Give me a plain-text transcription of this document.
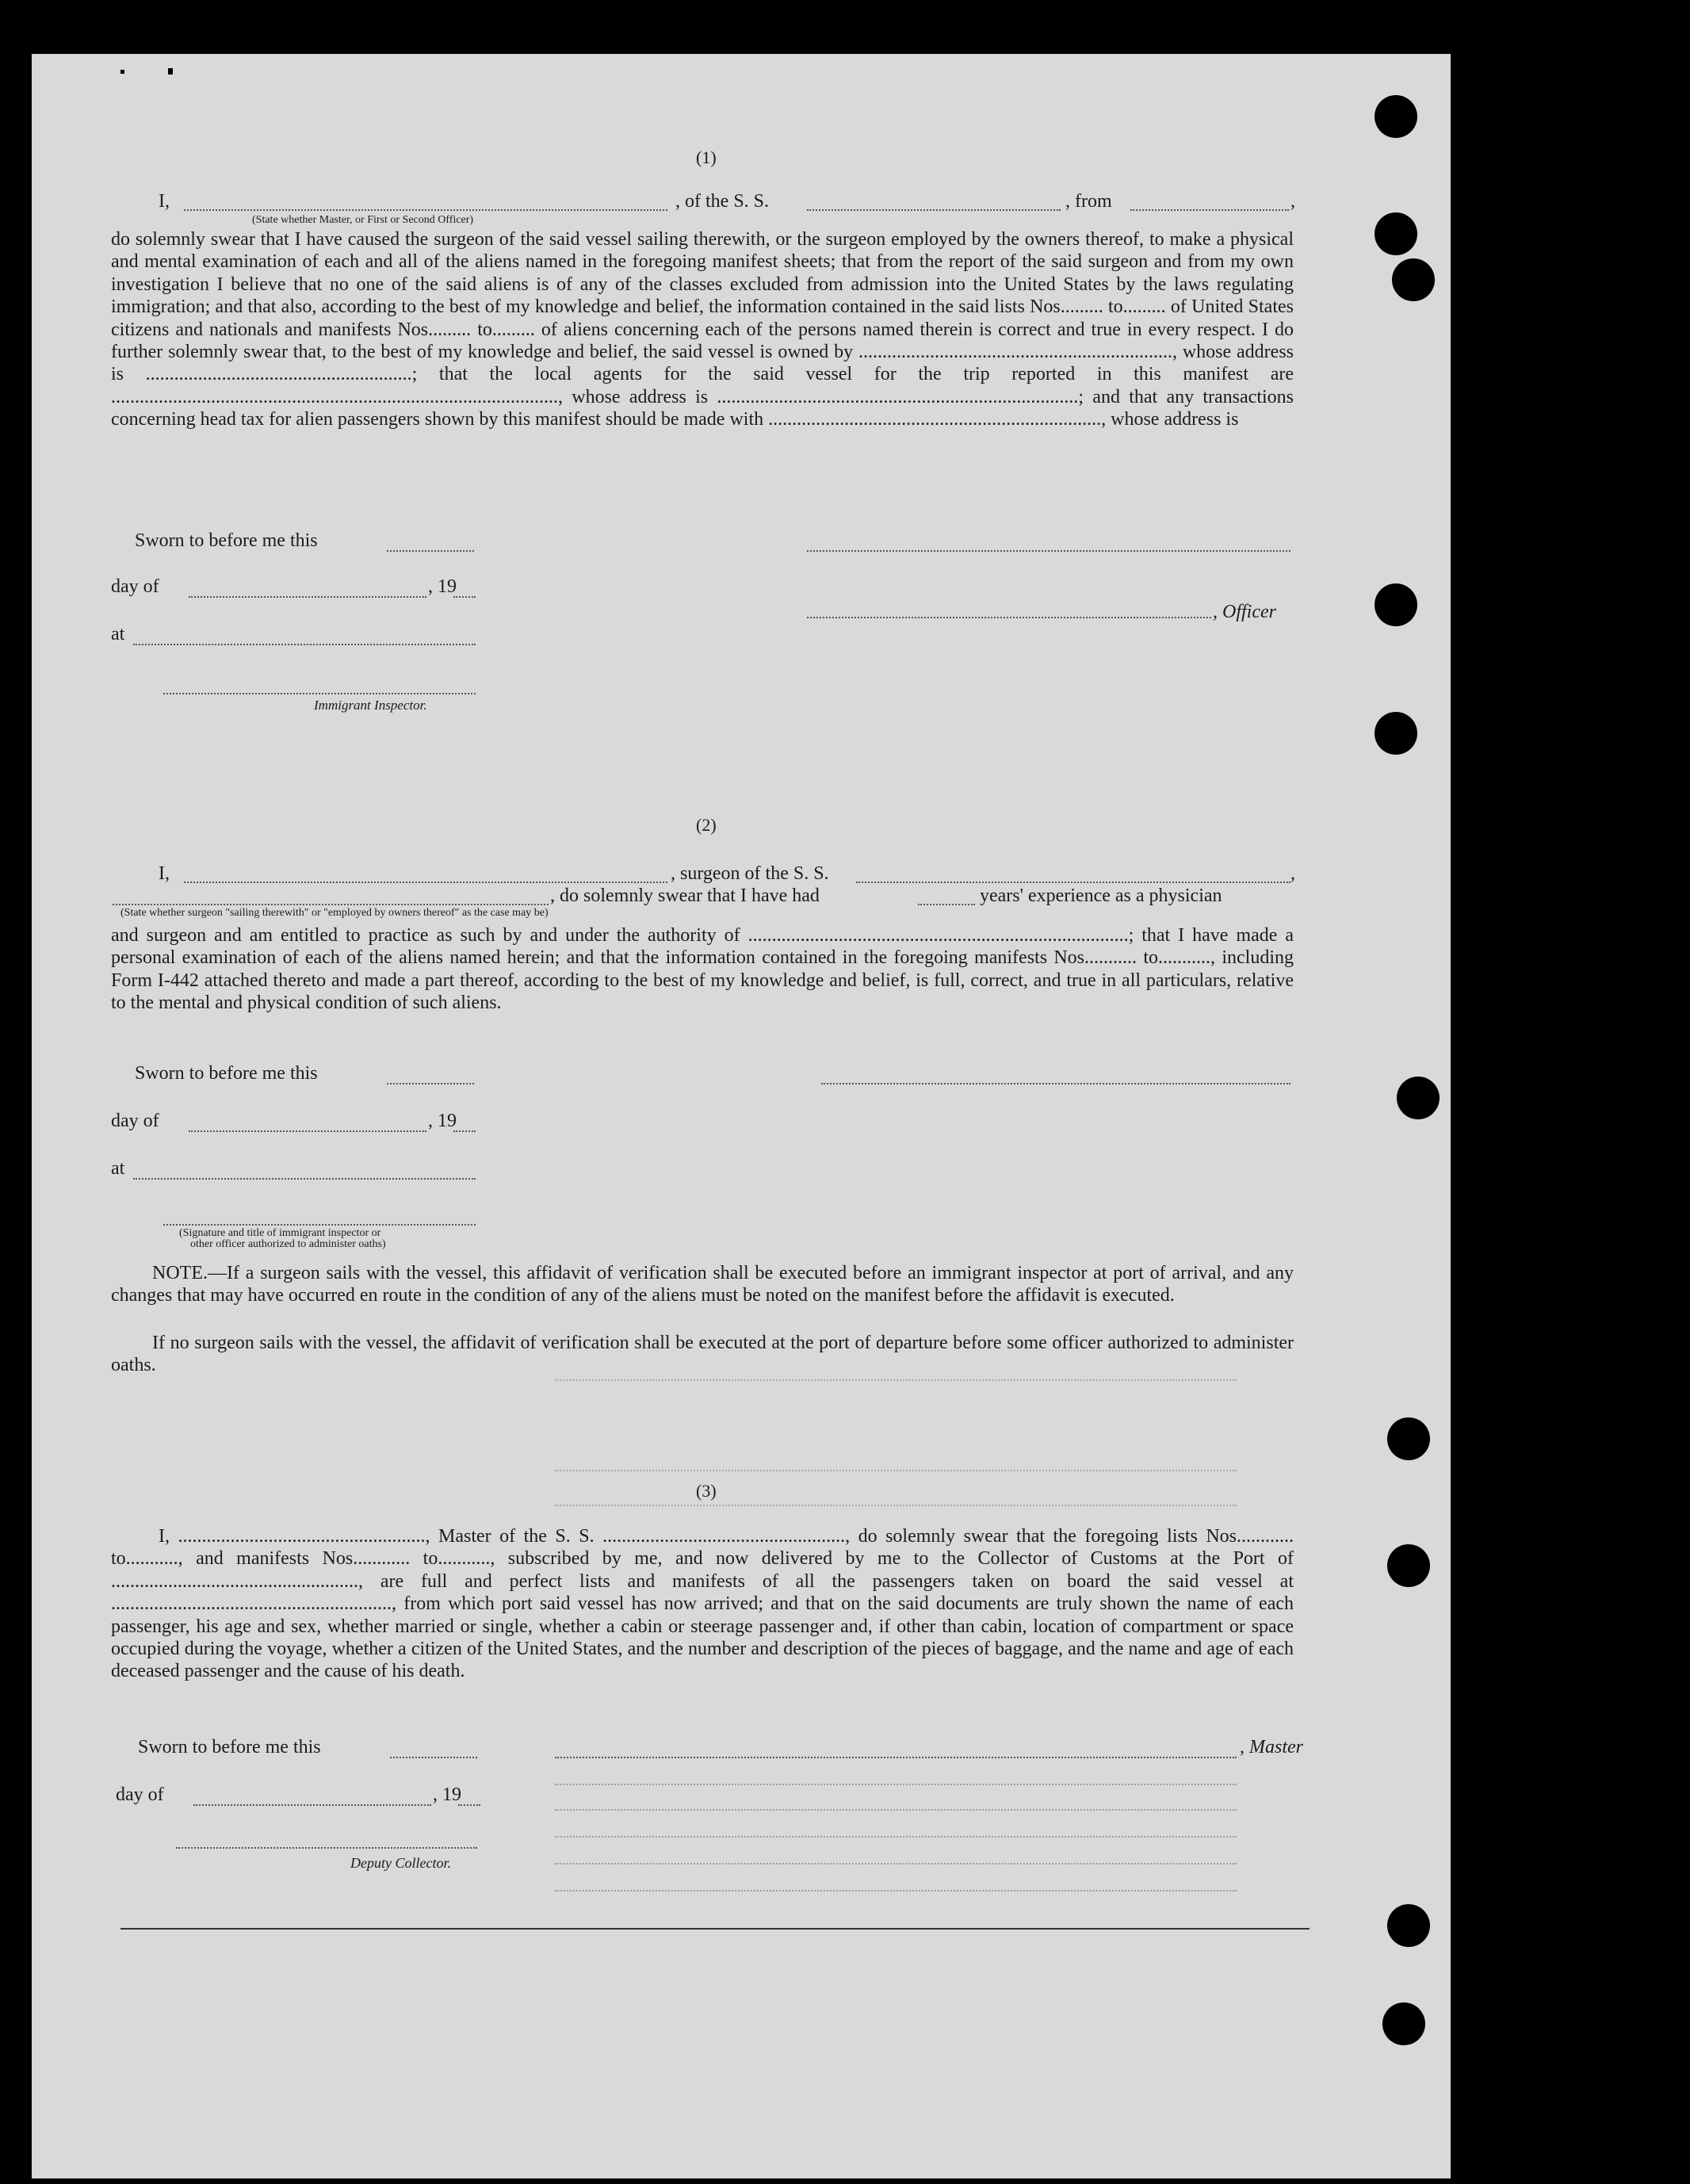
(1)
I,	, of the S. S.	, from	,
(State whether Master, or First or Second Officer)
do solemnly swear that I have caused the surgeon of the said vessel sailing therewith, or the surgeon employed by the owners thereof, to make a physical and mental examination of each and all of the aliens named in the foregoing manifest sheets; that from the report of the said surgeon and from my own investigation I believe that no one of the said aliens is of any of the classes excluded from admission into the United States by the laws regulating immigration; and that also, according to the best of my knowledge and belief, the information contained in the said lists Nos......... to......... of United States citizens and nationals and manifests Nos......... to......... of aliens concerning each of the persons named therein is correct and true in every respect. I do further solemnly swear that, to the best of my knowledge and belief, the said vessel is owned by .................................................................., whose address is ........................................................; that the local agents for the said vessel for the trip reported in this manifest are .............................................................................................., whose address is ............................................................................; and that any transactions concerning head tax for alien passengers shown by this manifest should be made with ......................................................................, whose address is
Sworn to before me this
day of	, 19
, Officer
at
Immigrant Inspector.
(2)
I,	, surgeon of the S. S.	,
, do solemnly swear that I have had	years' experience as a physician
(State whether surgeon "sailing therewith" or "employed by owners thereof" as the case may be)
and surgeon and am entitled to practice as such by and under the authority of ................................................................................; that I have made a personal examination of each of the aliens named herein; and that the information contained in the foregoing manifests Nos........... to..........., including Form I-442 attached thereto and made a part thereof, according to the best of my knowledge and belief, is full, correct, and true in all particulars, relative to the mental and physical condition of such aliens.
Sworn to before me this
day of	, 19
at
(Signature and title of immigrant inspector or
other officer authorized to administer oaths)
NOTE.—If a surgeon sails with the vessel, this affidavit of verification shall be executed before an immigrant inspector at port of arrival, and any changes that may have occurred en route in the condition of any of the aliens must be noted on the manifest before the affidavit is executed.
If no surgeon sails with the vessel, the affidavit of verification shall be executed at the port of departure before some officer authorized to administer oaths.
(3)
I, ...................................................., Master of the S. S. ..................................................., do solemnly swear that the foregoing lists Nos............ to..........., and manifests Nos............ to..........., subscribed by me, and now delivered by me to the Collector of Customs at the Port of ...................................................., are full and perfect lists and manifests of all the passengers taken on board the said vessel at ..........................................................., from which port said vessel has now arrived; and that on the said documents are truly shown the name of each passenger, his age and sex, whether married or single, whether a cabin or steerage passenger and, if other than cabin, location of compartment or space occupied during the voyage, whether a citizen of the United States, and the number and description of the pieces of baggage, and the name and age of each deceased passenger and the cause of his death.
Sworn to before me this	, Master
day of	, 19
Deputy Collector.
